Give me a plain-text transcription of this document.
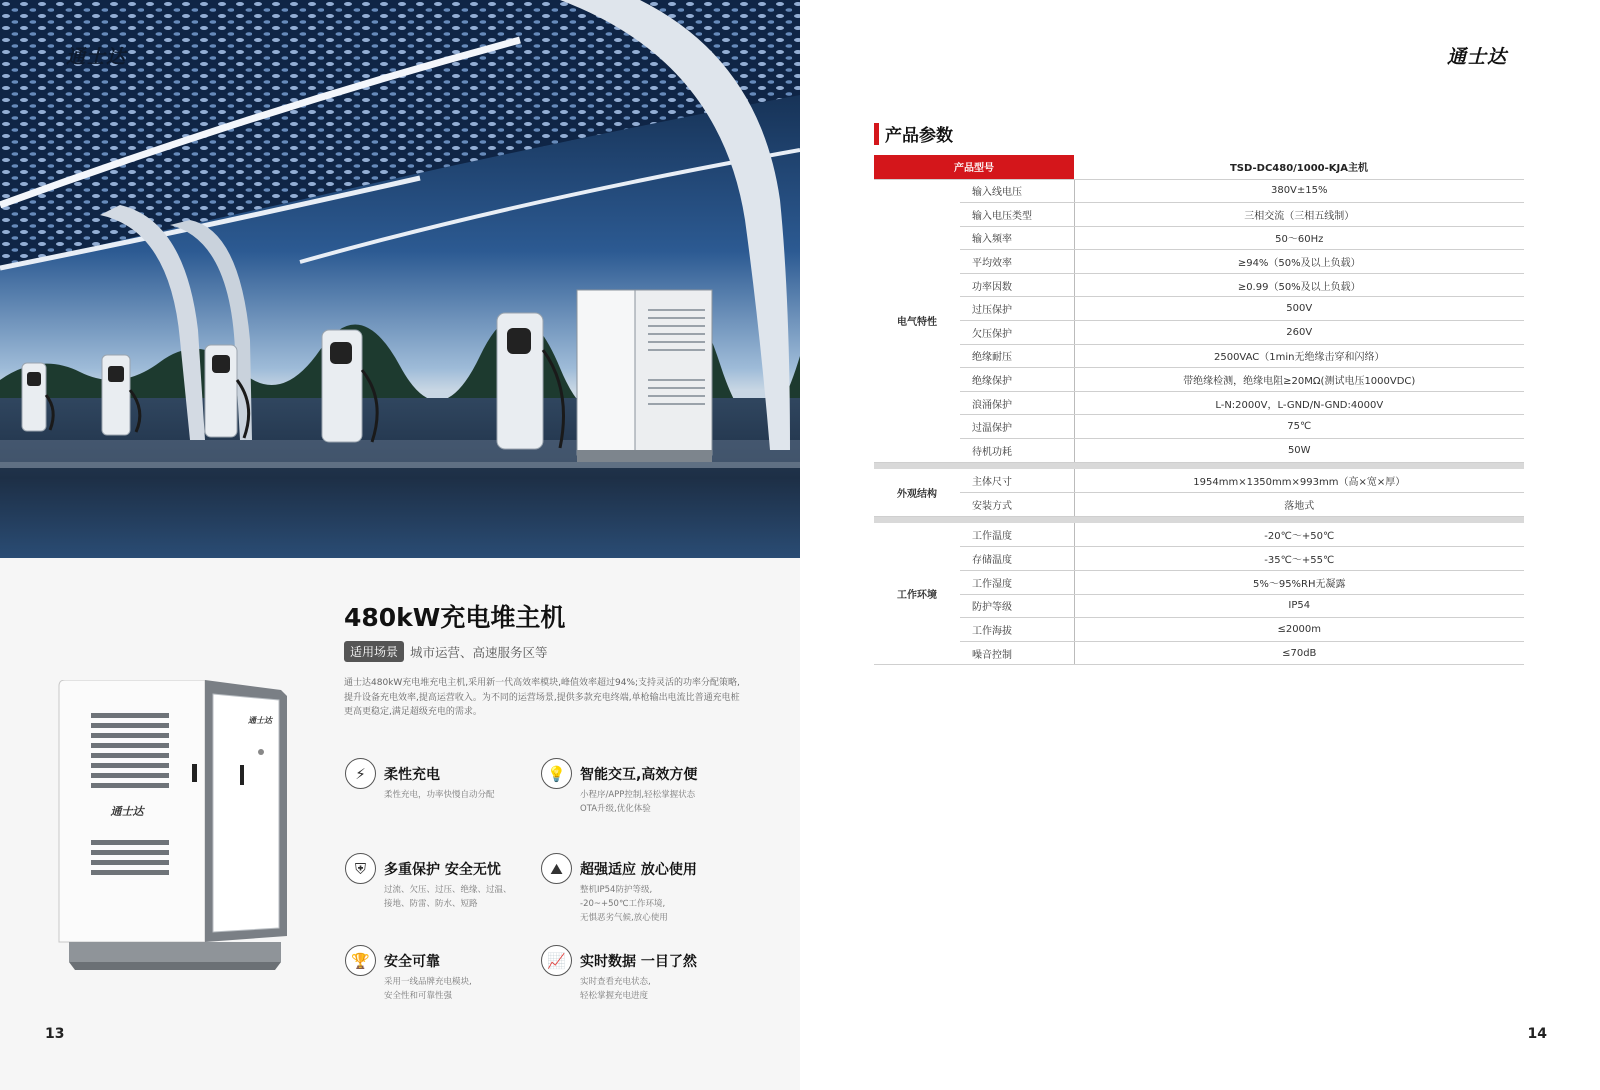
通士达
通士达
通士达
480kW充电堆主机
适用场景 城市运营、高速服务区等
通士达480kW充电堆充电主机,采用新一代高效率模块,峰值效率超过94%;支持灵活的功率分配策略,提升设备充电效率,提高运营收入。为不同的运营场景,提供多款充电终端,单枪输出电流比普通充电桩更高更稳定,满足超级充电的需求。
⚡	柔性充电
柔性充电，功率快慢自动分配
💡	智能交互,高效方便
小程序/APP控制,轻松掌握状态
OTA升级,优化体验
⛨	多重保护 安全无忧
过流、欠压、过压、绝缘、过温、
接地、防雷、防水、短路
⛰	超强适应 放心使用
整机IP54防护等级,
-20~+50℃工作环境,
无惧恶劣气候,放心使用
🏆	安全可靠
采用一线品牌充电模块,
安全性和可靠性强
📈	实时数据 一目了然
实时查看充电状态,
轻松掌握充电进度
13
通士达
产品参数
产品型号		TSD-DC480/1000-KJA主机
电气特性	输入线电压	380V±15%
	输入电压类型	三相交流（三相五线制）
	输入频率	50～60Hz
	平均效率	≥94%（50%及以上负载）
	功率因数	≥0.99（50%及以上负载）
	过压保护	500V
	欠压保护	260V
	绝缘耐压	2500VAC（1min无绝缘击穿和闪络）
	绝缘保护	带绝缘检测，绝缘电阻≥20MΩ(测试电压1000VDC)
	浪涌保护	L-N:2000V，L-GND/N-GND:4000V
	过温保护	75℃
	待机功耗	50W

外观结构	主体尺寸	1954mm×1350mm×993mm（高×宽×厚）
	安装方式	落地式

工作环境	工作温度	-20℃～+50℃
	存储温度	-35℃～+55℃
	工作湿度	5%～95%RH无凝露
	防护等级	IP54
	工作海拔	≤2000m
	噪音控制	≤70dB
14
